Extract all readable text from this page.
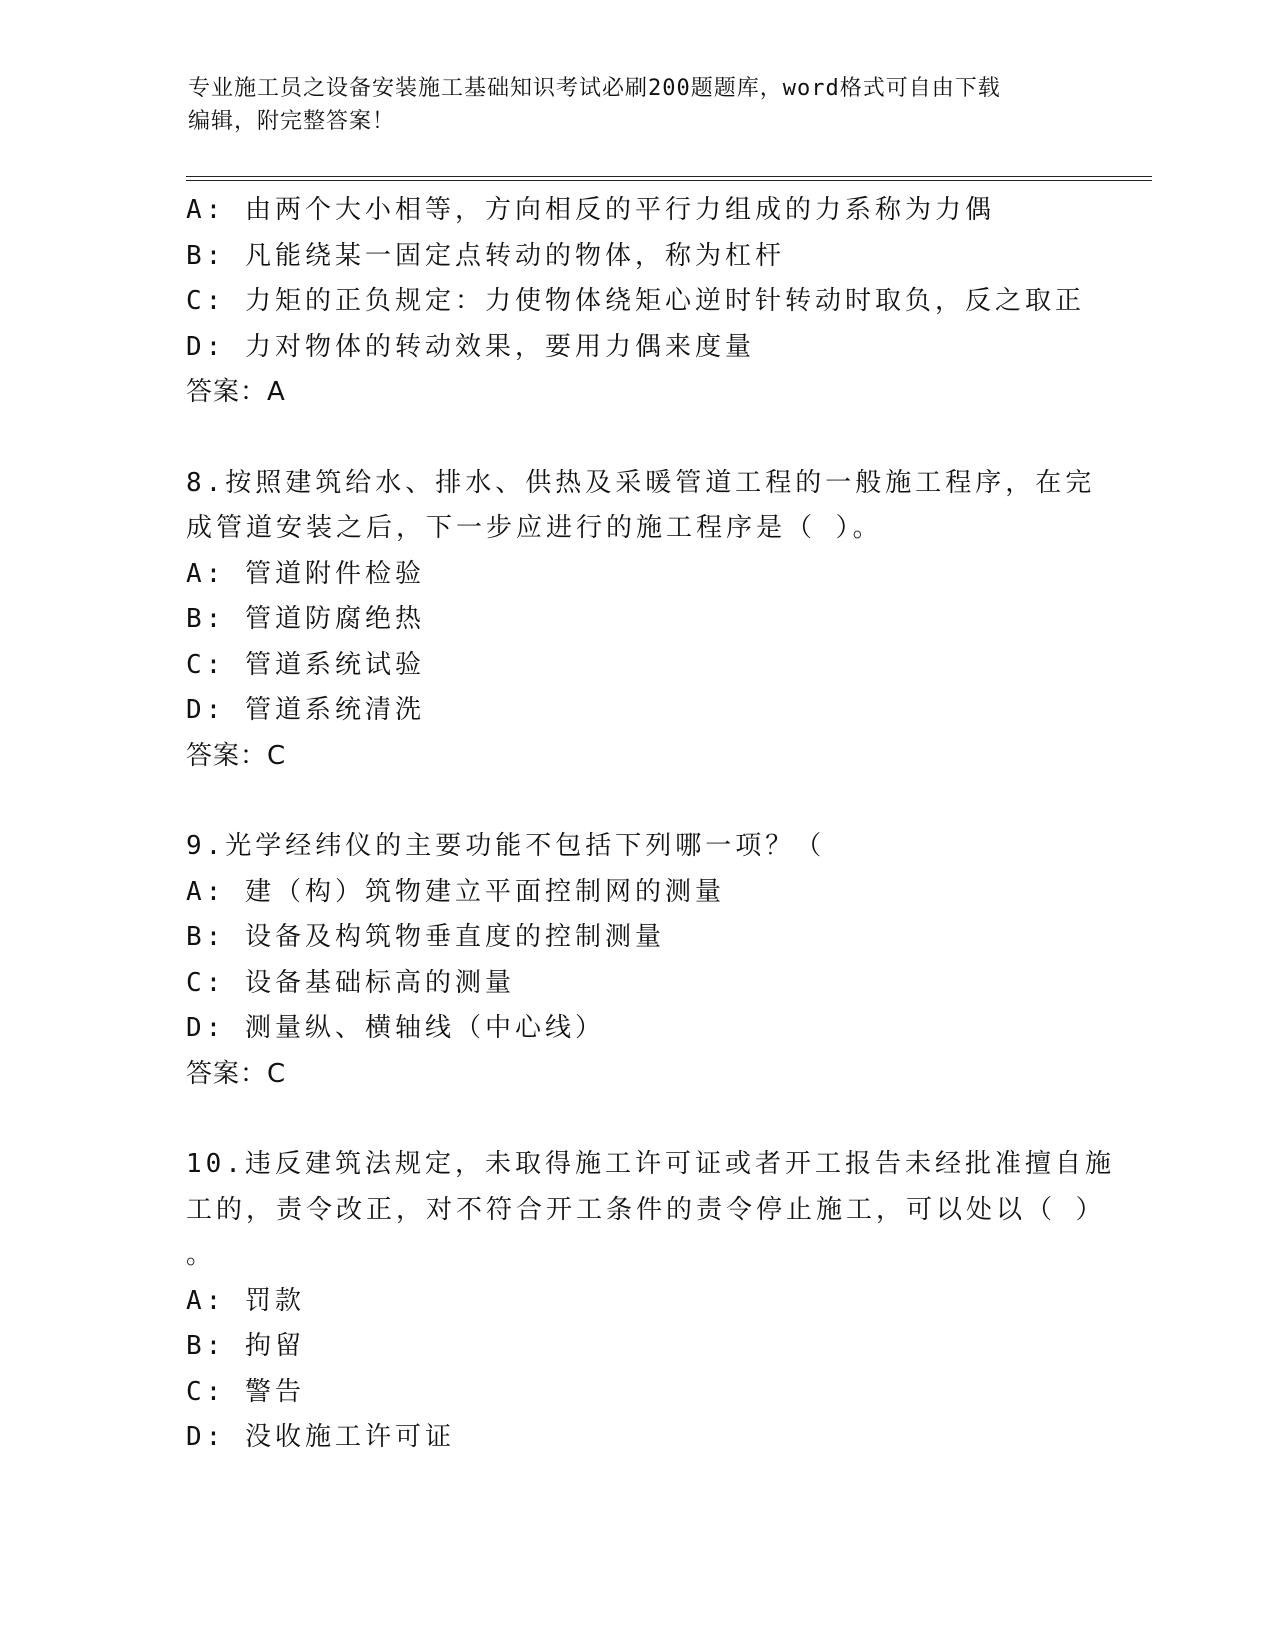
专业施工员之设备安装施工基础知识考试必刷200题题库，word格式可自由下载
编辑，附完整答案！
A: 由两个大小相等，方向相反的平行力组成的力系称为力偶
B: 凡能绕某一固定点转动的物体，称为杠杆
C: 力矩的正负规定：力使物体绕矩心逆时针转动时取负，反之取正
D: 力对物体的转动效果，要用力偶来度量
答案：A
8.按照建筑给水、排水、供热及采暖管道工程的一般施工程序，在完
成管道安装之后，下一步应进行的施工程序是（ ）。
A: 管道附件检验
B: 管道防腐绝热
C: 管道系统试验
D: 管道系统清洗
答案：C
9.光学经纬仪的主要功能不包括下列哪一项？（
A: 建（构）筑物建立平面控制网的测量
B: 设备及构筑物垂直度的控制测量
C: 设备基础标高的测量
D: 测量纵、横轴线（中心线）
答案：C
10.违反建筑法规定，未取得施工许可证或者开工报告未经批准擅自施
工的，责令改正，对不符合开工条件的责令停止施工，可以处以（ ）
。
A: 罚款
B: 拘留
C: 警告
D: 没收施工许可证
